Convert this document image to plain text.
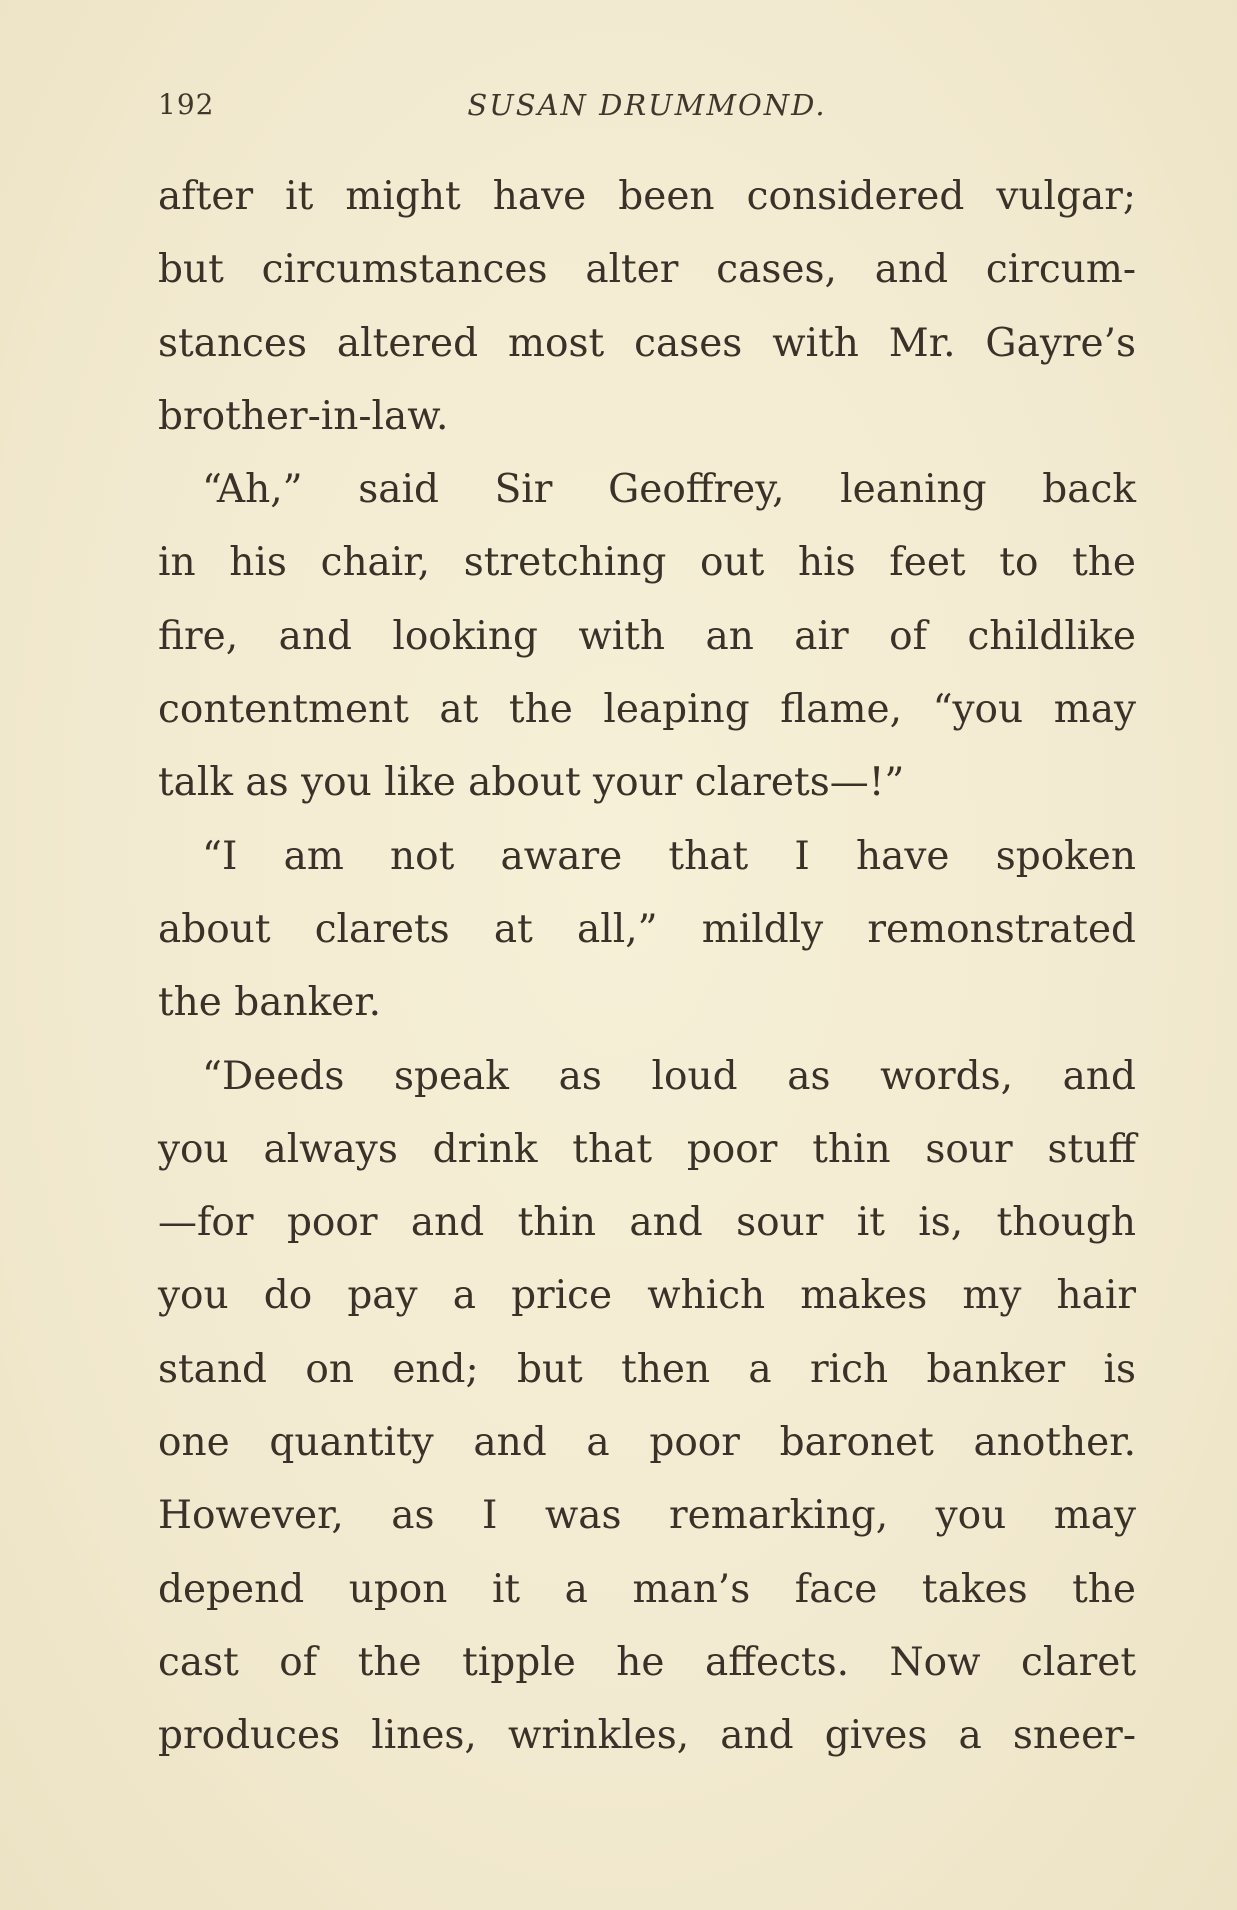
192	SUSAN DRUMMOND.
after it might have been considered vulgar;
but circumstances alter cases, and circum-
stances altered most cases with Mr. Gayre’s
brother-in-law.
“Ah,” said Sir Geoffrey, leaning back
in his chair, stretching out his feet to the
fire, and looking with an air of childlike
contentment at the leaping flame, “you may
talk as you like about your clarets—!”
“I am not aware that I have spoken
about clarets at all,” mildly remonstrated
the banker.
“Deeds speak as loud as words, and
you always drink that poor thin sour stuff
—for poor and thin and sour it is, though
you do pay a price which makes my hair
stand on end; but then a rich banker is
one quantity and a poor baronet another.
However, as I was remarking, you may
depend upon it a man’s face takes the
cast of the tipple he affects. Now claret
produces lines, wrinkles, and gives a sneer-
